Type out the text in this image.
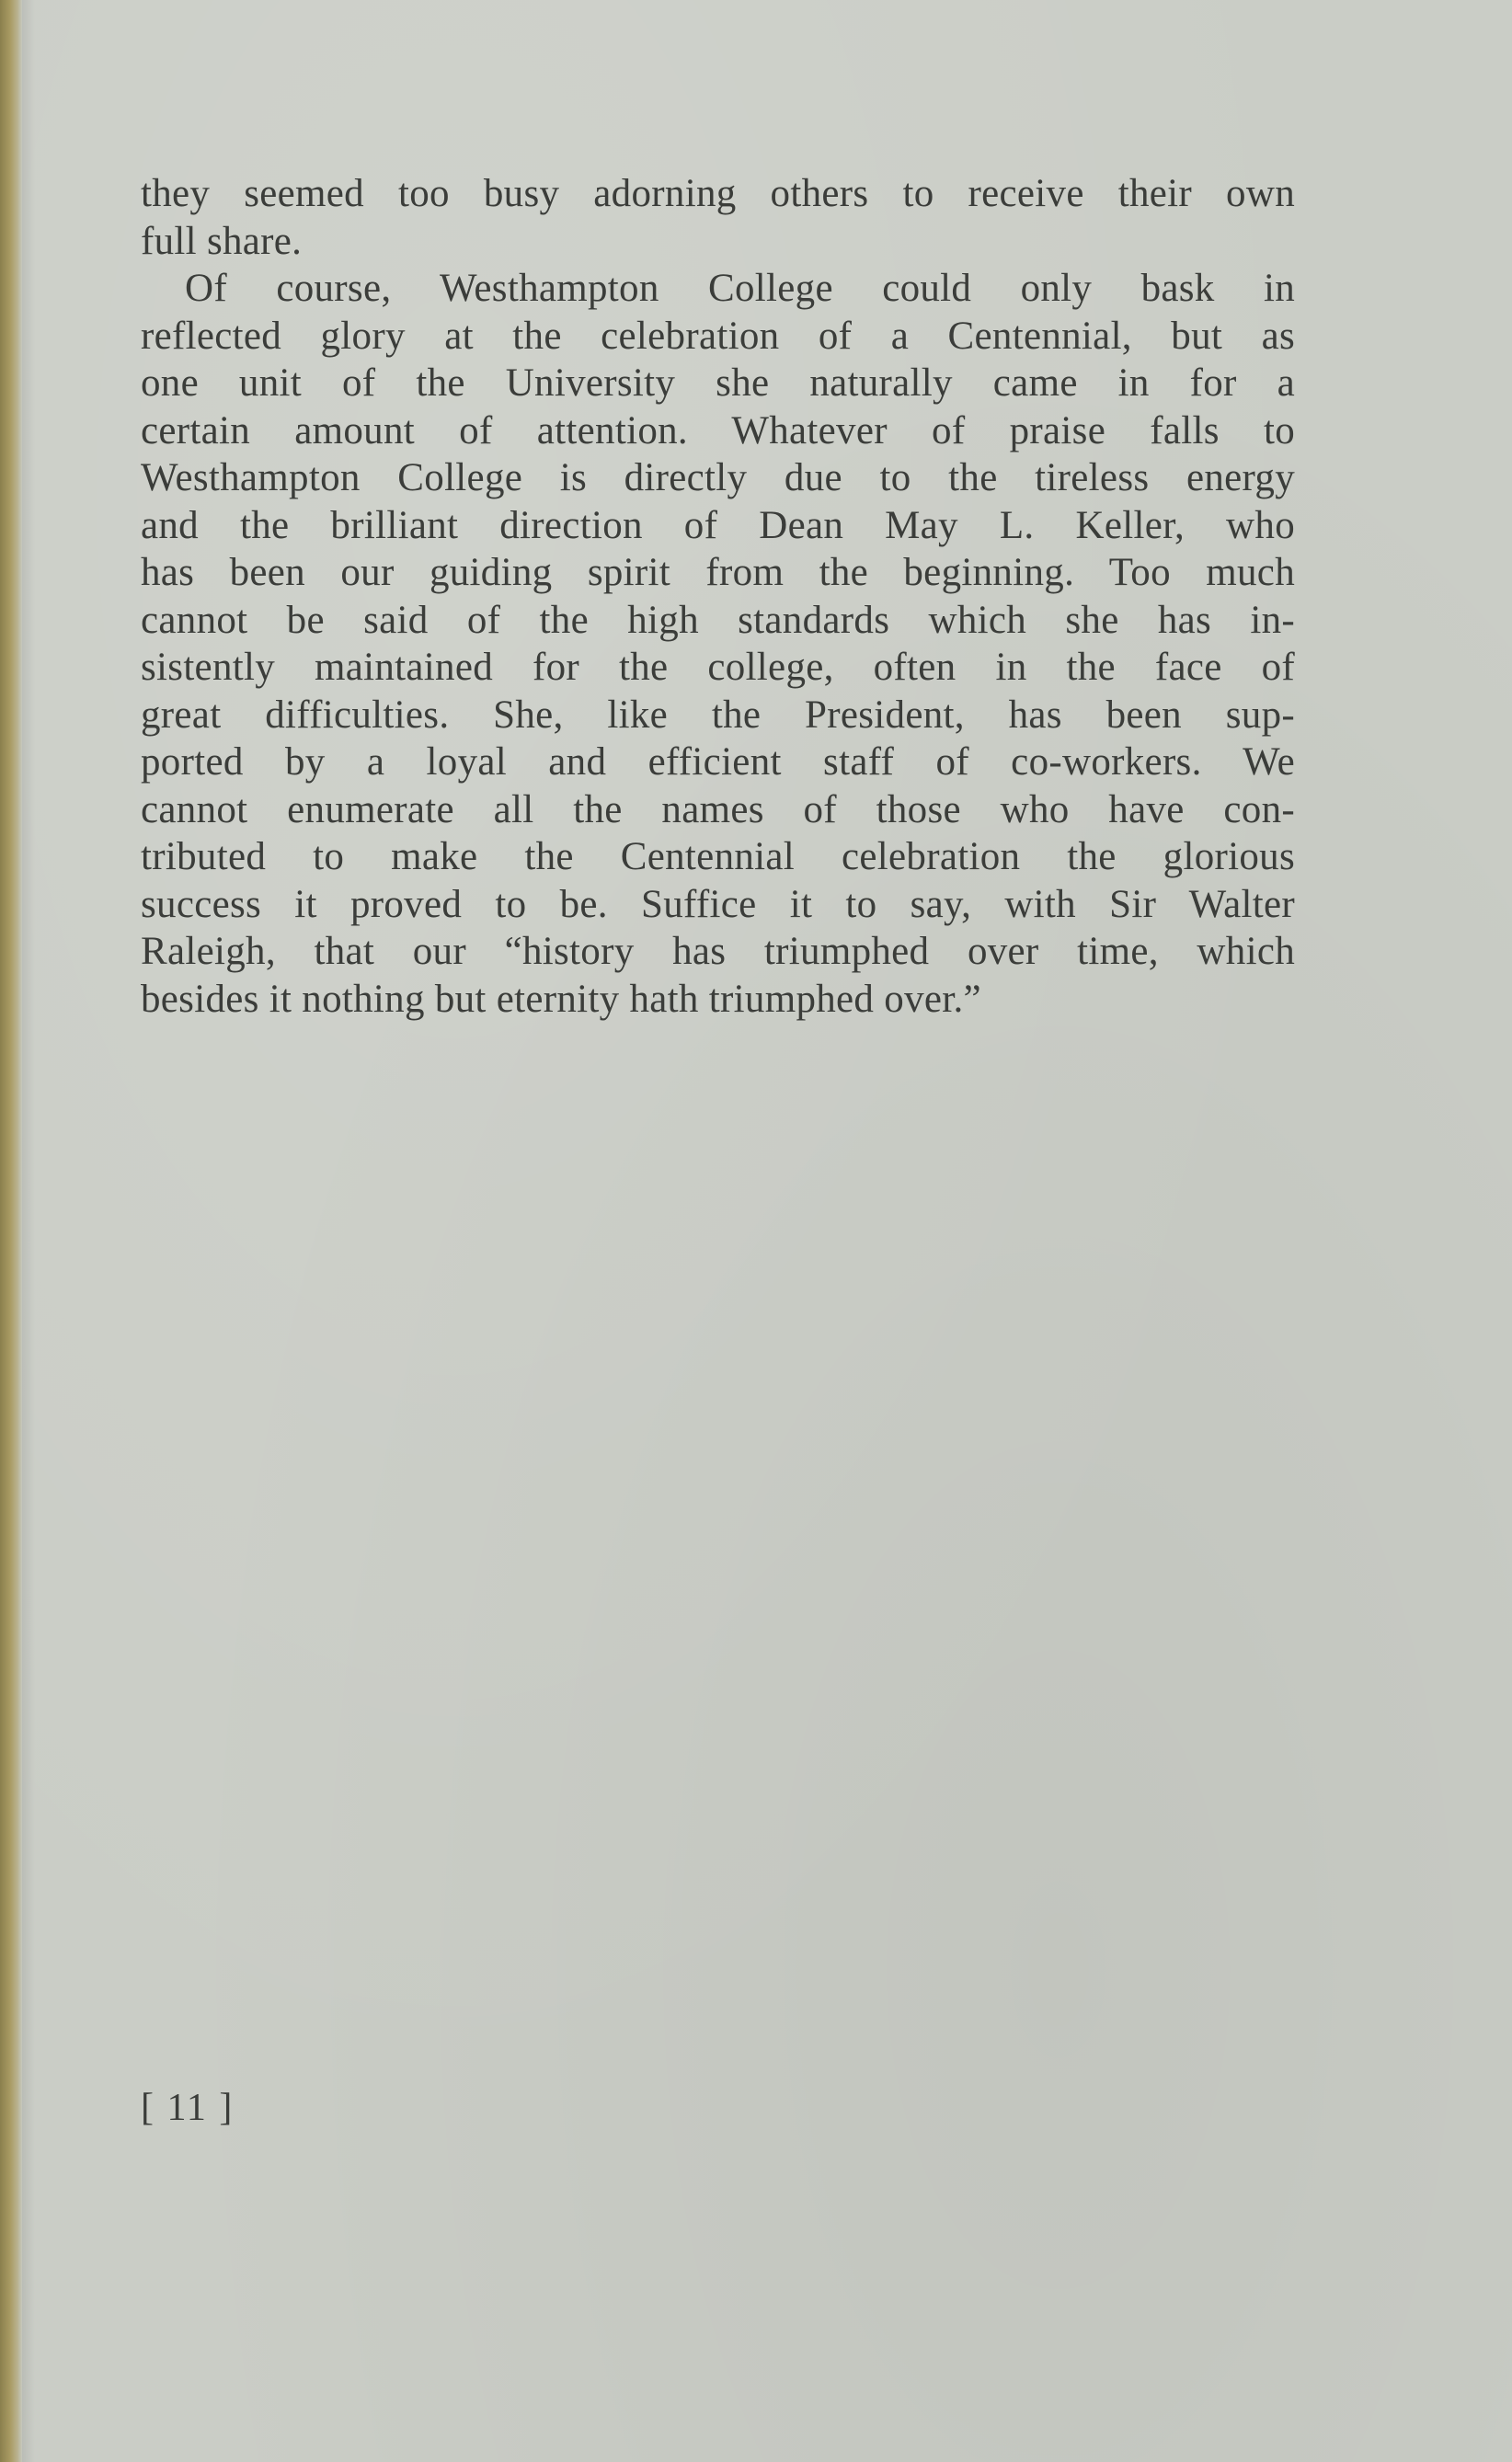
they seemed too busy adorning others to receive their own
full share.
Of course, Westhampton College could only bask in
reflected glory at the celebration of a Centennial, but as
one unit of the University she naturally came in for a
certain amount of attention. Whatever of praise falls to
Westhampton College is directly due to the tireless energy
and the brilliant direction of Dean May L. Keller, who
has been our guiding spirit from the beginning. Too much
cannot be said of the high standards which she has in-
sistently maintained for the college, often in the face of
great difficulties. She, like the President, has been sup-
ported by a loyal and efficient staff of co-workers. We
cannot enumerate all the names of those who have con-
tributed to make the Centennial celebration the glorious
success it proved to be. Suffice it to say, with Sir Walter
Raleigh, that our “history has triumphed over time, which
besides it nothing but eternity hath triumphed over.”
[ 11 ]
